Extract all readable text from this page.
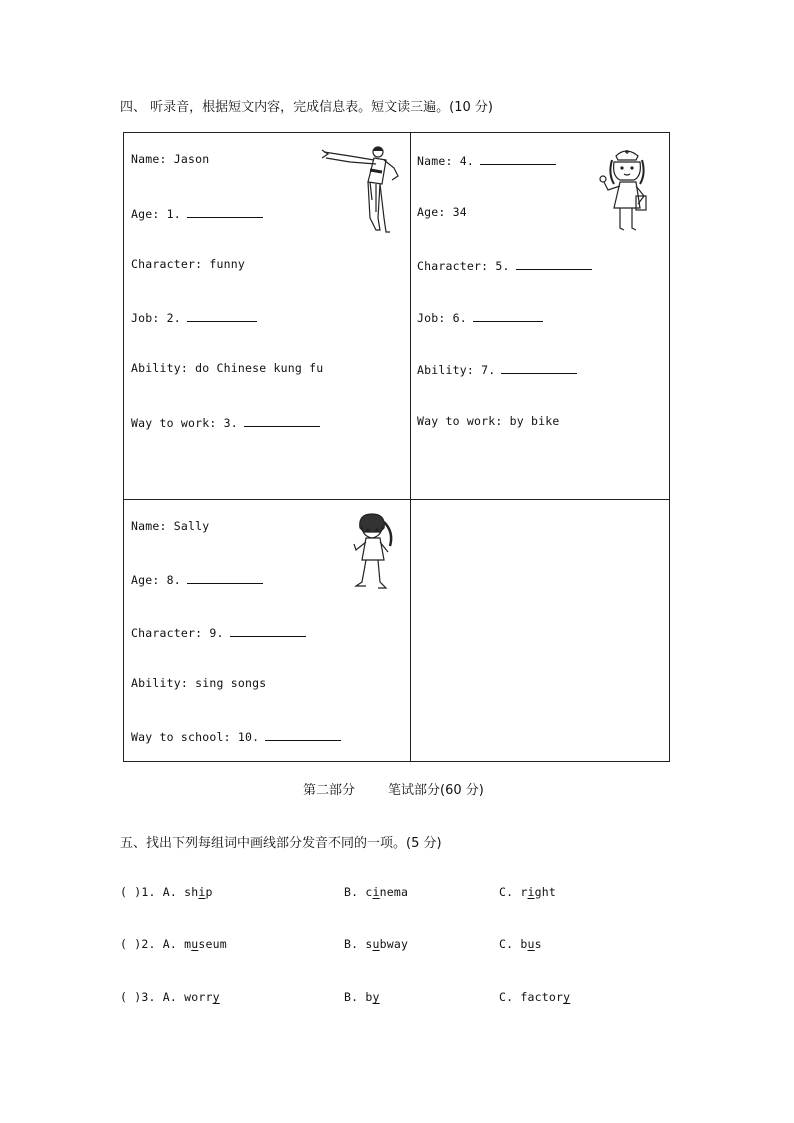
四、 听录音，根据短文内容，完成信息表。短文读三遍。(10 分)
Name: Jason
Age: 1.
Character: funny
Job: 2.
Ability: do Chinese kung fu
Way to work: 3.
Name: 4.
Age: 34
Character: 5.
Job: 6.
Ability: 7.
Way to work: by bike
Name: Sally
Age: 8.
Character: 9.
Ability: sing songs
Way to school: 10.
第二部分	笔试部分(60 分)
五、找出下列每组词中画线部分发音不同的一项。(5 分)
( )1. A. ship	B. cinema	C. right
( )2. A. museum	B. subway	C. bus
( )3. A. worry	B. by	C. factory
